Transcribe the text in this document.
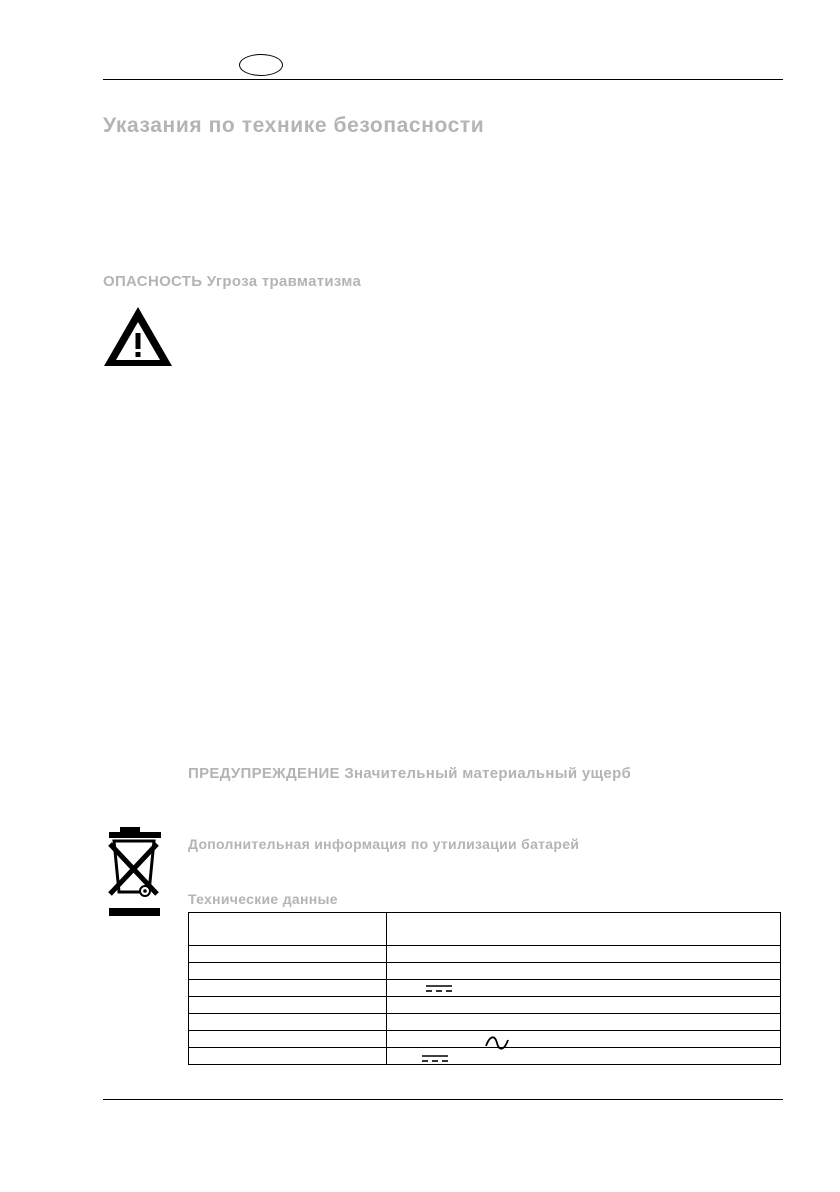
Указания по технике безопасности
ОПАСНОСТЬ Угроза травматизма
ПРЕДУПРЕЖДЕНИЕ Значительный материальный ущерб
Дополнительная информация по утилизации батарей
Технические данные
